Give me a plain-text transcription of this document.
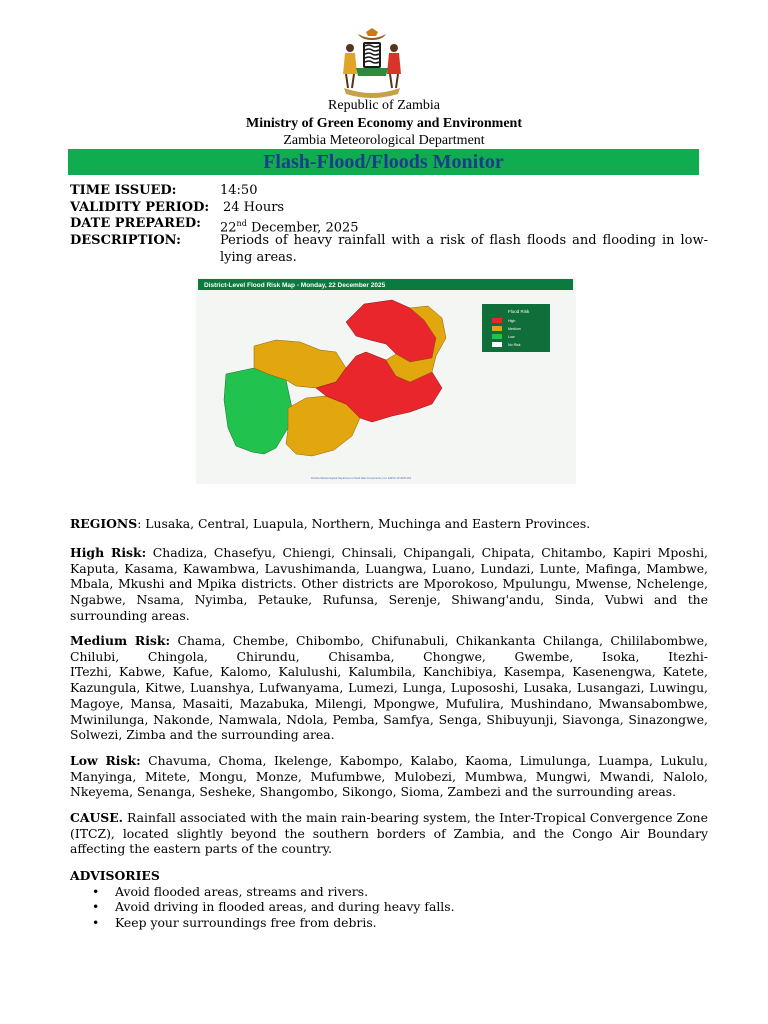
Republic of Zambia
Ministry of Green Economy and Environment
Zambia Meteorological Department
Flash-Flood/Floods Monitor
TIME ISSUED:	14:50
VALIDITY PERIOD: 24 Hours
DATE PREPARED: 22nd December, 2025
DESCRIPTION:	Periods of heavy rainfall with a risk of flash floods and flooding in low-lying areas.
District-Level Flood Risk Map - Monday, 22 December 2025
Flood Risk
High
Medium
Low
No Risk
Zambia Meteorological Department | Flood Risk Components | ref. 2025-F-W-2025-001
REGIONS: Lusaka, Central, Luapula, Northern, Muchinga and Eastern Provinces.
High Risk: Chadiza, Chasefyu, Chiengi, Chinsali, Chipangali, Chipata, Chitambo, Kapiri Mposhi, Kaputa, Kasama, Kawambwa, Lavushimanda, Luangwa, Luano, Lundazi, Lunte, Mafinga, Mambwe, Mbala, Mkushi and Mpika districts. Other districts are Mporokoso, Mpulungu, Mwense, Nchelenge, Ngabwe, Nsama, Nyimba, Petauke, Rufunsa, Serenje, Shiwang'andu, Sinda, Vubwi and the surrounding areas.
Medium Risk: Chama, Chembe, Chibombo, Chifunabuli, Chikankanta Chilanga, Chililabombwe, Chilubi, Chingola, Chirundu, Chisamba, Chongwe, Gwembe, Isoka, Itezhi-
ITezhi, Kabwe, Kafue, Kalomo, Kalulushi, Kalumbila, Kanchibiya, Kasempa, Kasenengwa, Katete, Kazungula, Kitwe, Luanshya, Lufwanyama, Lumezi, Lunga, Lupososhi, Lusaka, Lusangazi, Luwingu, Magoye, Mansa, Masaiti, Mazabuka, Milengi, Mpongwe, Mufulira, Mushindano, Mwansabombwe, Mwinilunga, Nakonde, Namwala, Ndola, Pemba, Samfya, Senga, Shibuyunji, Siavonga, Sinazongwe, Solwezi, Zimba and the surrounding area.
Low Risk: Chavuma, Choma, Ikelenge, Kabompo, Kalabo, Kaoma, Limulunga, Luampa, Lukulu, Manyinga, Mitete, Mongu, Monze, Mufumbwe, Mulobezi, Mumbwa, Mungwi, Mwandi, Nalolo, Nkeyema, Senanga, Sesheke, Shangombo, Sikongo, Sioma, Zambezi and the surrounding areas.
CAUSE. Rainfall associated with the main rain-bearing system, the Inter-Tropical Convergence Zone (ITCZ), located slightly beyond the southern borders of Zambia, and the Congo Air Boundary affecting the eastern parts of the country.
ADVISORIES
• Avoid flooded areas, streams and rivers.
• Avoid driving in flooded areas, and during heavy falls.
• Keep your surroundings free from debris.
